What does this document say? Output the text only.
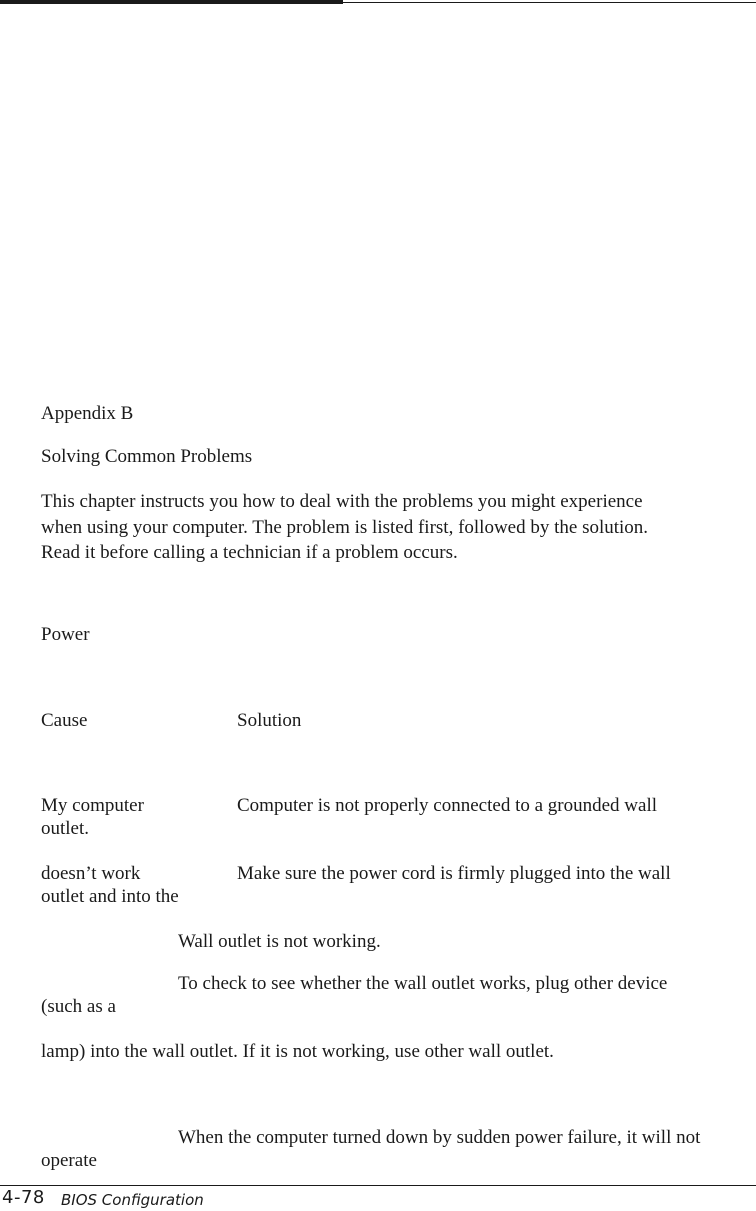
Appendix B
Solving Common Problems
This chapter instructs you how to deal with the problems you might experience
when using your computer. The problem is listed first, followed by the solution.
Read it before calling a technician if a problem occurs.
Power
Cause	Solution
My computer	Computer is not properly connected to a grounded wall
outlet.
doesn’t work	Make sure the power cord is firmly plugged into the wall
outlet and into the
Wall outlet is not working.
To check to see whether the wall outlet works, plug other device
(such as a
lamp) into the wall outlet. If it is not working, use other wall outlet.
When the computer turned down by sudden power failure, it will not
operate
4-78 BIOS Configuration
